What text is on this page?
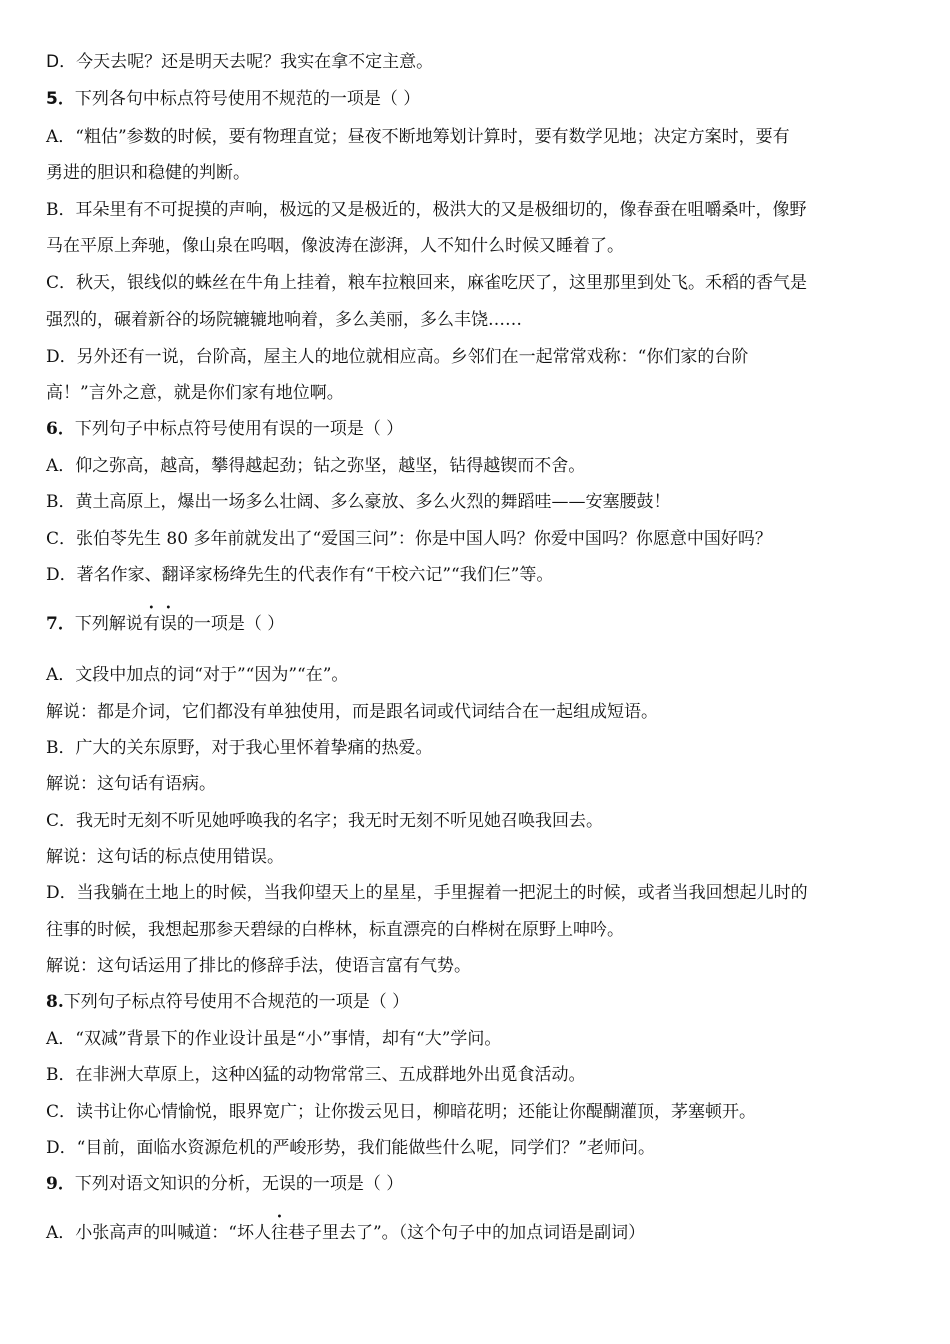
D．今天去呢？还是明天去呢？我实在拿不定主意。
5．下列各句中标点符号使用不规范的一项是（ ）
A．“粗估”参数的时候，要有物理直觉；昼夜不断地筹划计算时，要有数学见地；决定方案时，要有
勇进的胆识和稳健的判断。
B．耳朵里有不可捉摸的声响，极远的又是极近的，极洪大的又是极细切的，像春蚕在咀嚼桑叶，像野
马在平原上奔驰，像山泉在呜咽，像波涛在澎湃，人不知什么时候又睡着了。
C．秋天，银线似的蛛丝在牛角上挂着，粮车拉粮回来，麻雀吃厌了，这里那里到处飞。禾稻的香气是
强烈的，碾着新谷的场院辘辘地响着，多么美丽，多么丰饶……
D．另外还有一说，台阶高，屋主人的地位就相应高。乡邻们在一起常常戏称：“你们家的台阶
高！”言外之意，就是你们家有地位啊。
6．下列句子中标点符号使用有误的一项是（ ）
A．仰之弥高，越高，攀得越起劲；钻之弥坚，越坚，钻得越锲而不舍。
B．黄土高原上，爆出一场多么壮阔、多么豪放、多么火烈的舞蹈哇——安塞腰鼓！
C．张伯苓先生 80 多年前就发出了“爱国三问”：你是中国人吗？你爱中国吗？你愿意中国好吗？
D．著名作家、翻译家杨绛先生的代表作有“干校六记”“我们仨”等。
7．下列解说
•
有
•
误的一项是（ ）
A．文段中加点的词“对于”“因为”“在”。
解说：都是介词，它们都没有单独使用，而是跟名词或代词结合在一起组成短语。
B．广大的关东原野，对于我心里怀着挚痛的热爱。
解说：这句话有语病。
C．我无时无刻不听见她呼唤我的名字；我无时无刻不听见她召唤我回去。
解说：这句话的标点使用错误。
D．当我躺在土地上的时候，当我仰望天上的星星，手里握着一把泥土的时候，或者当我回想起儿时的
往事的时候，我想起那参天碧绿的白桦林，标直漂亮的白桦树在原野上呻吟。
解说：这句话运用了排比的修辞手法，使语言富有气势。
8.下列句子标点符号使用不合规范的一项是（ ）
A．“双减”背景下的作业设计虽是“小”事情，却有“大”学问。
B．在非洲大草原上，这种凶猛的动物常常三、五成群地外出觅食活动。
C．读书让你心情愉悦，眼界宽广；让你拨云见日，柳暗花明；还能让你醍醐灌顶，茅塞顿开。
D．“目前，面临水资源危机的严峻形势，我们能做些什么呢，同学们？”老师问。
9．下列对语文知识的分析，无误的一项是（ ）
A．小张高声的叫喊道：“坏人
•
往巷子里去了”。（这个句子中的加点词语是副词）
